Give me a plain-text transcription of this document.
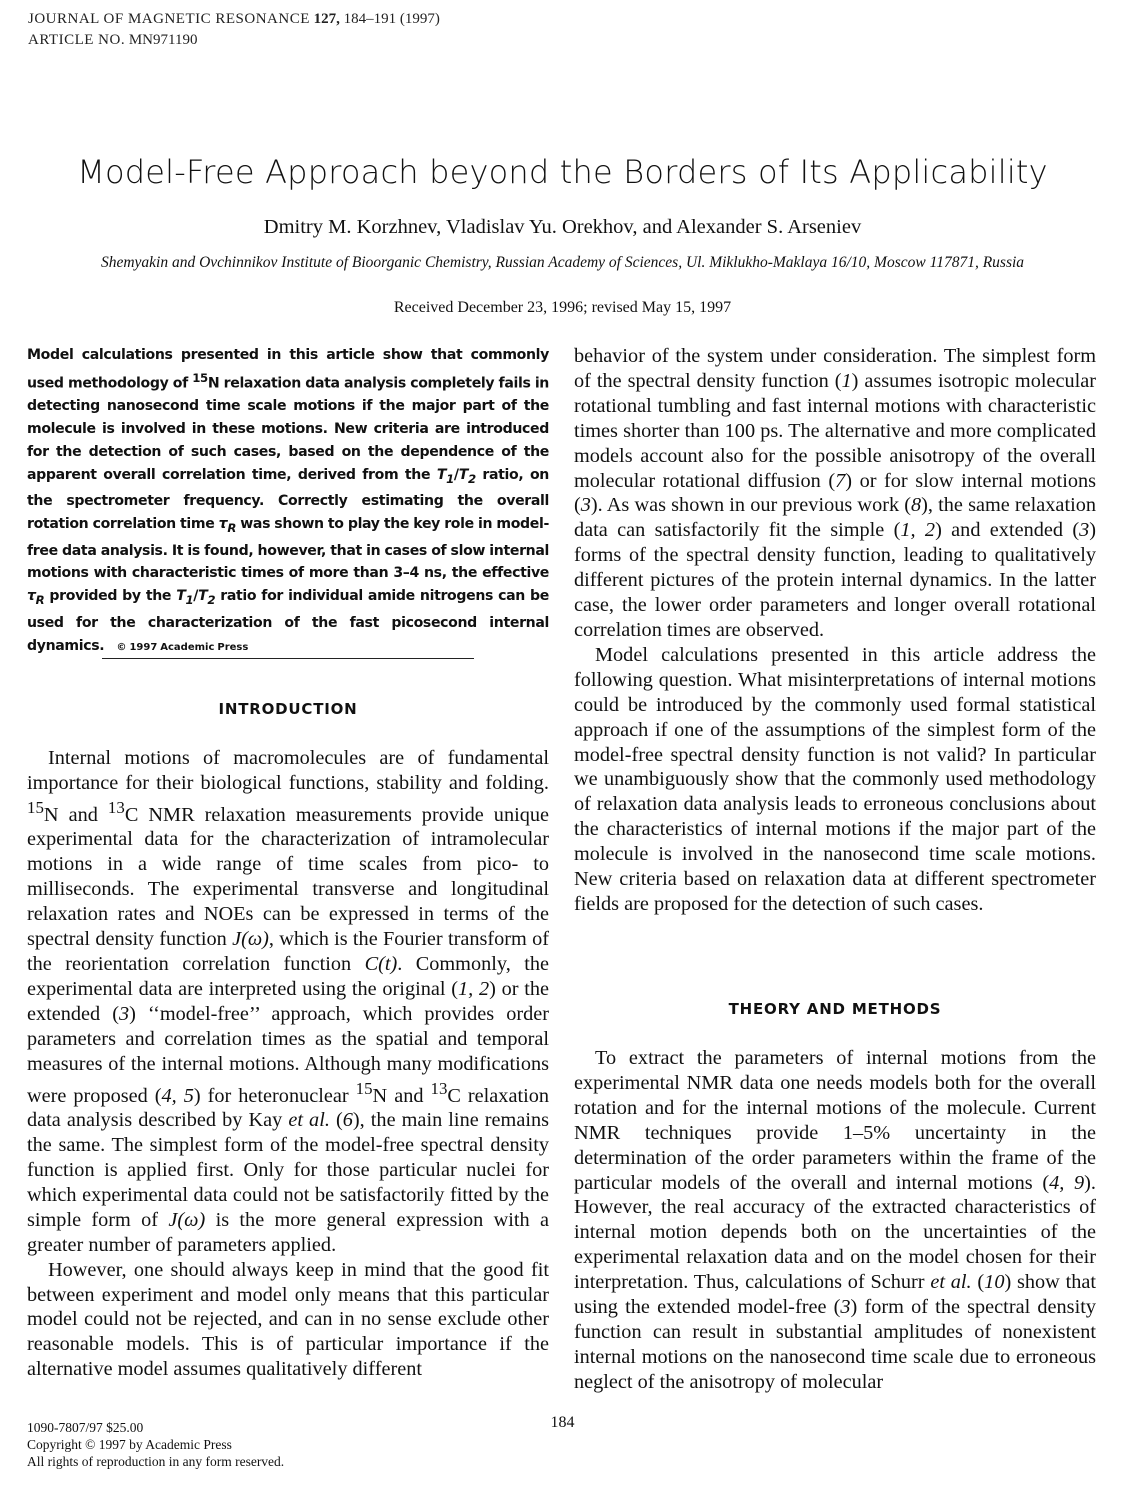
JOURNAL OF MAGNETIC RESONANCE 127, 184–191 (1997)
ARTICLE NO. MN971190
Model-Free Approach beyond the Borders of Its Applicability
Dmitry M. Korzhnev, Vladislav Yu. Orekhov, and Alexander S. Arseniev
Shemyakin and Ovchinnikov Institute of Bioorganic Chemistry, Russian Academy of Sciences, Ul. Miklukho-Maklaya 16/10, Moscow 117871, Russia
Received December 23, 1996; revised May 15, 1997
Model calculations presented in this article show that commonly used methodology of $^{15}$N relaxation data analysis completely fails in detecting nanosecond time scale motions if the major part of the molecule is involved in these motions. New criteria are introduced for the detection of such cases, based on the dependence of the apparent overall correlation time, derived from the $T_1/T_2$ ratio, on the spectrometer frequency. Correctly estimating the overall rotation correlation time $\tau_R$ was shown to play the key role in model-free data analysis. It is found, however, that in cases of slow internal motions with characteristic times of more than 3–4 ns, the effective $\tau_R$ provided by the $T_1/T_2$ ratio for individual amide nitrogens can be used for the characterization of the fast picosecond internal dynamics. © 1997 Academic Press
INTRODUCTION

Internal motions of macromolecules are of fundamental importance for their biological functions, stability and folding. $^{15}$N and $^{13}$C NMR relaxation measurements provide unique experimental data for the characterization of intramolecular motions in a wide range of time scales from pico- to milliseconds. The experimental transverse and longitudinal relaxation rates and NOEs can be expressed in terms of the spectral density function J(ω), which is the Fourier transform of the reorientation correlation function C(t). Commonly, the experimental data are interpreted using the original (1, 2) or the extended (3) ‘‘model-free’’ approach, which provides order parameters and correlation times as the spatial and temporal measures of the internal motions. Although many modifications were proposed (4, 5) for heteronuclear $^{15}$N and $^{13}$C relaxation data analysis described by Kay et al. (6), the main line remains the same. The simplest form of the model-free spectral density function is applied first. Only for those particular nuclei for which experimental data could not be satisfactorily fitted by the simple form of J(ω) is the more general expression with a greater number of parameters applied.

However, one should always keep in mind that the good fit between experiment and model only means that this particular model could not be rejected, and can in no sense exclude other reasonable models. This is of particular importance if the alternative model assumes qualitatively different

behavior of the system under consideration. The simplest form of the spectral density function (1) assumes isotropic molecular rotational tumbling and fast internal motions with characteristic times shorter than 100 ps. The alternative and more complicated models account also for the possible anisotropy of the overall molecular rotational diffusion (7) or for slow internal motions (3). As was shown in our previous work (8), the same relaxation data can satisfactorily fit the simple (1, 2) and extended (3) forms of the spectral density function, leading to qualitatively different pictures of the protein internal dynamics. In the latter case, the lower order parameters and longer overall rotational correlation times are observed.

Model calculations presented in this article address the following question. What misinterpretations of internal motions could be introduced by the commonly used formal statistical approach if one of the assumptions of the simplest form of the model-free spectral density function is not valid? In particular we unambiguously show that the commonly used methodology of relaxation data analysis leads to erroneous conclusions about the characteristics of internal motions if the major part of the molecule is involved in the nanosecond time scale motions. New criteria based on relaxation data at different spectrometer fields are proposed for the detection of such cases.

THEORY AND METHODS

To extract the parameters of internal motions from the experimental NMR data one needs models both for the overall rotation and for the internal motions of the molecule. Current NMR techniques provide 1–5% uncertainty in the determination of the order parameters within the frame of the particular models of the overall and internal motions (4, 9). However, the real accuracy of the extracted characteristics of internal motion depends both on the uncertainties of the experimental relaxation data and on the model chosen for their interpretation. Thus, calculations of Schurr et al. (10) show that using the extended model-free (3) form of the spectral density function can result in substantial amplitudes of nonexistent internal motions on the nanosecond time scale due to erroneous neglect of the anisotropy of molecular

184
1090-7807/97 $25.00
Copyright © 1997 by Academic Press
All rights of reproduction in any form reserved.
